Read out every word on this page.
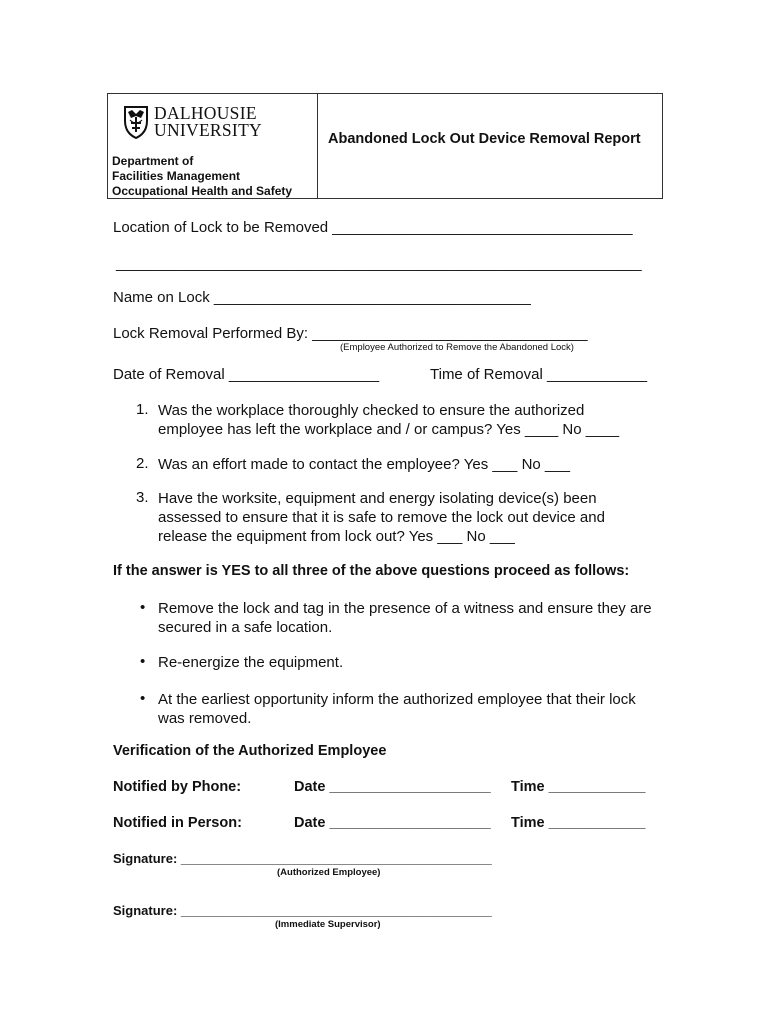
DALHOUSIE
UNIVERSITY
Department of
Facilities Management
Occupational Health and Safety
Abandoned Lock Out Device Removal Report
Location of Lock to be Removed ____________________________________
_______________________________________________________________
Name on Lock ______________________________________
Lock Removal Performed By: _________________________________
(Employee Authorized to Remove the Abandoned Lock)
Date of Removal __________________	Time of Removal ____________
1. Was the workplace thoroughly checked to ensure the authorized
employee has left the workplace and / or campus? Yes ____ No ____
2. Was an effort made to contact the employee? Yes ___ No ___
3. Have the worksite, equipment and energy isolating device(s) been
assessed to ensure that it is safe to remove the lock out device and
release the equipment from lock out? Yes ___ No ___
If the answer is YES to all three of the above questions proceed as follows:
• Remove the lock and tag in the presence of a witness and ensure they are
secured in a safe location.
• Re-energize the equipment.
• At the earliest opportunity inform the authorized employee that their lock
was removed.
Verification of the Authorized Employee
Notified by Phone:	Date ____________________ Time ____________
Notified in Person:	Date ____________________ Time ____________
Signature: ___________________________________________
(Authorized Employee)
Signature: ___________________________________________
(Immediate Supervisor)
